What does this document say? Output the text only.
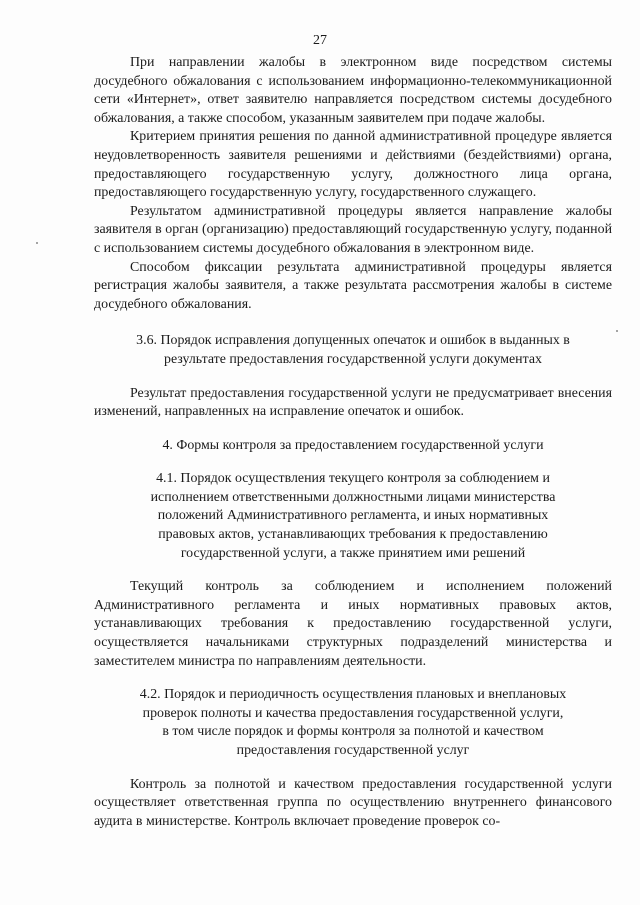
27

При направлении жалобы в электронном виде посредством системы досудебного обжалования с использованием информационно-телекоммуникационной сети «Интернет», ответ заявителю направляется посредством системы досудебного обжалования, а также способом, указанным заявителем при подаче жалобы.

Критерием принятия решения по данной административной процедуре является неудовлетворенность заявителя решениями и действиями (бездействиями) органа, предоставляющего государственную услугу, должностного лица органа, предоставляющего государственную услугу, государственного служащего.

Результатом административной процедуры является направление жалобы заявителя в орган (организацию) предоставляющий государственную услугу, поданной с использованием системы досудебного обжалования в электронном виде.

Способом фиксации результата административной процедуры является регистрация жалобы заявителя, а также результата рассмотрения жалобы в системе досудебного обжалования.

3.6. Порядок исправления допущенных опечаток и ошибок в выданных в результате предоставления государственной услуги документах

Результат предоставления государственной услуги не предусматривает внесения изменений, направленных на исправление опечаток и ошибок.

4. Формы контроля за предоставлением государственной услуги

4.1. Порядок осуществления текущего контроля за соблюдением и исполнением ответственными должностными лицами министерства положений Административного регламента, и иных нормативных правовых актов, устанавливающих требования к предоставлению государственной услуги, а также принятием ими решений

Текущий контроль за соблюдением и исполнением положений Административного регламента и иных нормативных правовых актов, устанавливающих требования к предоставлению государственной услуги, осуществляется начальниками структурных подразделений министерства и заместителем министра по направлениям деятельности.

4.2. Порядок и периодичность осуществления плановых и внеплановых проверок полноты и качества предоставления государственной услуги, в том числе порядок и формы контроля за полнотой и качеством предоставления государственной услуг

Контроль за полнотой и качеством предоставления государственной услуги осуществляет ответственная группа по осуществлению внутреннего финансового аудита в министерстве. Контроль включает проведение проверок со-
